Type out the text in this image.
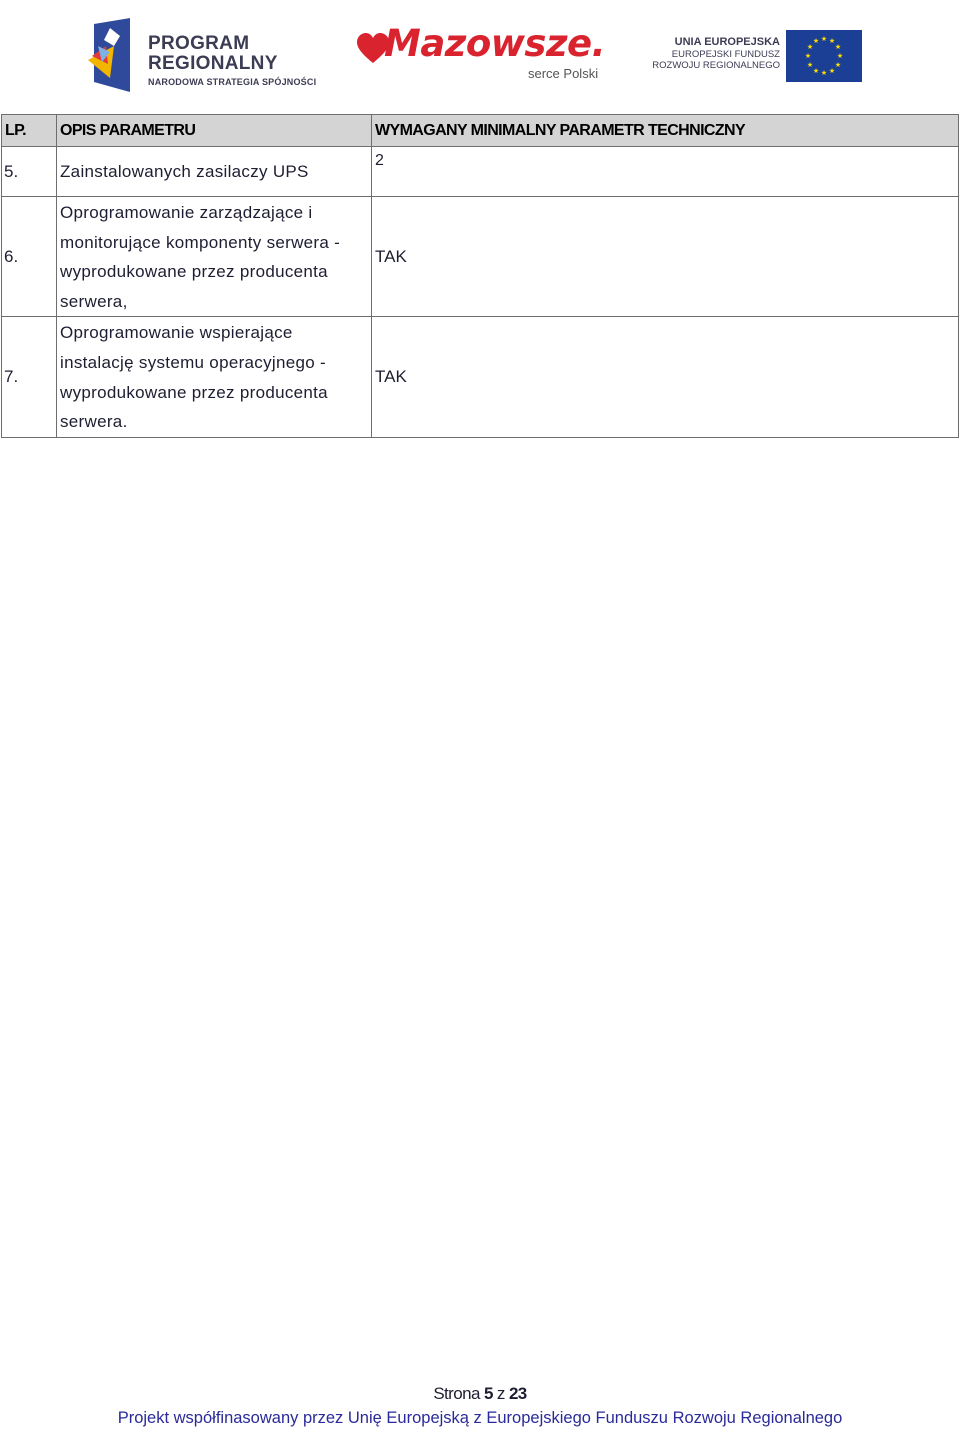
PROGRAM
REGIONALNY
NARODOWA STRATEGIA SPÓJNOŚCI
Mazowsze.
serce Polski
UNIA EUROPEJSKA
EUROPEJSKI FUNDUSZ
ROZWOJU REGIONALNEGO
★ ★
★
★
★
★
★
★
★
★
★
★
LP.	OPIS PARAMETRU	WYMAGANY MINIMALNY PARAMETR TECHNICZNY
5.	Zainstalowanych zasilaczy UPS	2
6.	Oprogramowanie zarządzające i monitorujące komponenty serwera - wyprodukowane przez producenta serwera,	TAK
7.	Oprogramowanie wspierające instalację systemu operacyjnego - wyprodukowane przez producenta serwera.	TAK
Strona 5 z 23
Projekt współfinasowany przez Unię Europejską z Europejskiego Funduszu Rozwoju Regionalnego
